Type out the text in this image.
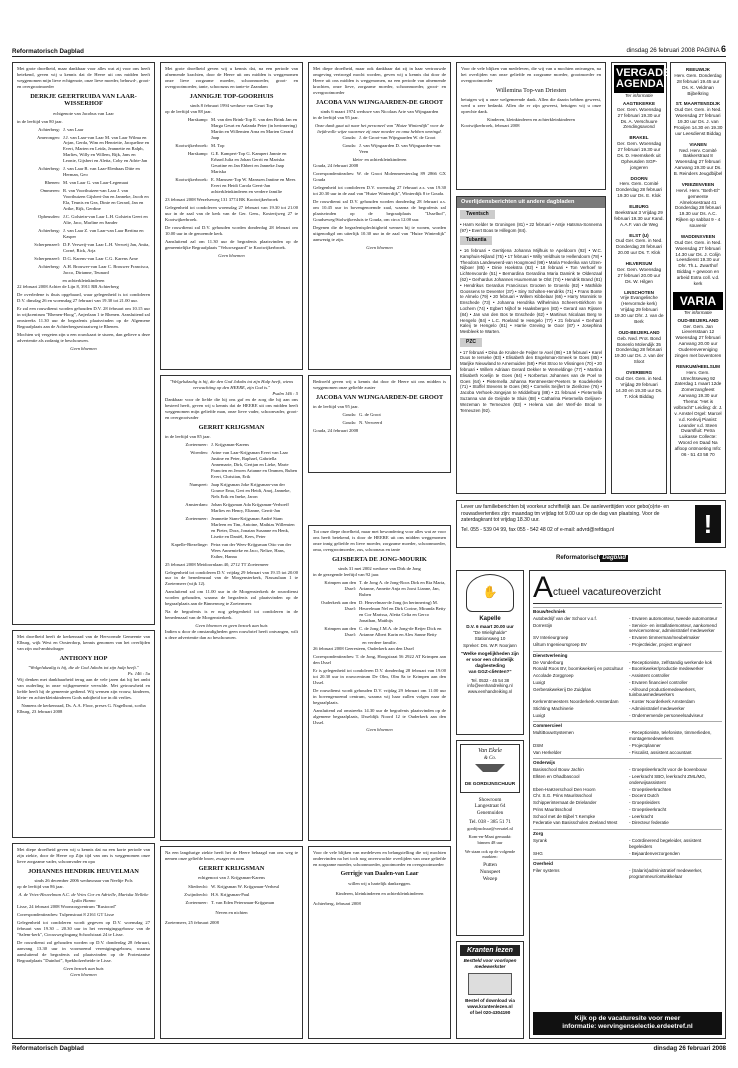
Reformatorisch Dagblad	dinsdag 26 februari 2008 PAGINA 6

Met grote droefheid, maar dankbaar voor alles wat zij voor ons heeft betekend, geven wij u kennis dat de Heere uit ons midden heeft weggenomen mijn lieve echtgenote, onze lieve moeder, behuwd-, groot- en overgrootmoeder

DERKJE GEERTRUIDA VAN LAAR-WISSERHOF
echtgenote van Jacobus van Laar

in de leeftijd van 80 jaar.

Achterberg: J. van Laar
Amerongen: J.J. van Laar-van Laar M. van Laar Wilma en Arjan, Gerda, Wim en Henriette, Jacqueline en Evert, Marten en Leida, Jeannette en Ralph, Marlies, Willy en Willem, Rijk, Jans en Leonie, Gijsbert en Aletta, Coby en Adrie-Jan
Achterberg: J. van Laar B. van Laar-Elenbaas Ditte en Herman, Geo
Rhenen: M. van Laar G. van Laar-Legemaat
Ommeren: R. van Voorthuizen-van Laar J. van Voorthuizen Gijsbert-Jan en Janneke, Jacob en Ela, Teunis en Gea, Dinie en Gerard, Jan en Arike, Rijk, Gerdine
Opheusden: J.C. Golstein-van Laar L.H. Golstein Geert en Alie, Jaco, Marline en Sander
Achterberg: J. van Laar Z. van Laar-van Laar Bertina en Kasper
Scherpenzeel: D.F. Verweij-van Laar L.H. Verweij Jan, Anita, Corné, Rick, Arja
Scherpenzeel: D.G. Karens-van Laar C.G. Karens Arne
Achterberg: A.H. Brouwer-van Laar C. Brouwer Francisca, Jacco, Dirianne, Teunard
en achterkleinkinderen

22 februari 2008 Achter de Lijn 8, 3911 RB Achterberg

De overledene is thuis opgebaard, waar gelegenheid is tot condoleren D.V. dinsdag 26 en woensdag 27 februari van 19.30 tot 21.00 uur.

Er zal een rouwdienst worden gehouden D.V. 28 februari om 10.15 uur in wijkcentrum "Rhenen-Hoog", Anjerlaan 1 te Rhenen. Aansluitend zal omstreeks 11.30 uur de begrafenis plaatsvinden op de Algemene Begraafplaats aan de Achterbergsestraatweg te Rhenen.

Mochten wij vergeten zijn u een rouwkaart te sturen, dan gelieve u deze advertentie als zodanig te beschouwen.

Geen bloemen

Met droefheid heeft de kerkenraad van de Hervormde Gemeente van Elburg, wijk West en Oosterdorp, kennis genomen van het overlijden van zijn oud-ambtsdrager

ANTHONY HOP
"Wolgelukzalig is hij, die de God Jakobs tot zijn hulp heeft."
Ps. 146 : 5a

Wij denken met dankbaarheid terug aan de vele jaren dat hij het ambt van ouderling in onze wijkgemeente vervulde. Met getrouwheid en liefde heeft hij de gemeente gediend. Wij wensen zijn vrouw, kinderen, klein- en achterkleinkinderen Gods nabijheid toe in dit verlies.

Namens de kerkenraad, Ds. A.A. Floor, preses G. Nagelhout, scriba

Elburg, 23 februari 2008

Met diepe droefheid geven wij u kennis dat na een korte periode van zijn ziekte, door de Heere op Zijn tijd van ons is weggenomen onze lieve zorgzame vader, schoonvader en opa

JOHANNES HENDRIK HEUVELMAN
sinds 26 december 2006 weduwnaar van Neeltje Pols

op de leeftijd van 86 jaar.

A. de Vries-Heuvelman A.C. de Vries Cor en Adrielle, Mariska Nelleke Lydia Hanno

Lisse, 24 februari 2008 Woonzorgcentrum "Rustoord"

Correspondentieadres: Tulpenstraat 8 2161 GT Lisse

Gelegenheid tot condoleren wordt gegeven op D.V. woensdag 27 februari van 19.30 – 20.30 uur in het verenigingsgebouw van de "Salem-kerk", Circusweg/ingang Schoolstraat 24 te Lisse.

De rouwdienst zal gehouden worden op D.V. donderdag 28 februari, aanvang 13.30 uur in voornoemd verenigingsgebouw, waarna aansluitend de begrafenis zal plaatsvinden op de Protestantse Begraafplaats "Duinhof", Spekholzerheide te Lisse.

Geen bezoek aan huis
Geen bloemen

Met grote droefheid geven wij u kennis dat, na een periode van afnemende krachten, door de Heere uit ons midden is weggenomen onze lieve zorgzame moeder, schoonmoeder, groot- en overgrootmoeder, tante, schoonzus en tante-te Zaandam

JANNIGJE TOP-GOORHUIS
sinds 8 februari 1994 weduwe van Geurt Top

op de leeftijd van 88 jaar.

Harskamp: M. van den Brink-Top E. van den Brink Jan en Marga Geurt en Aalanda Peter (in herinnering) Martin en Willemien Arna en Marien Gerard Jaap
Kootwijkerbroek: M. Top
Harskamp: G.E. Kampert-Top G. Kampert Jannie en Erhard Julia en Johan Gerrit en Mariska Geurtine en Jan Ebbert en Janneke Jaap Mariska
Kootwijkerbroek: E. Manssen-Top W. Manssen Jantine en Mees Evert en Heidi Carola Geert-Jan achterkleinkinderen en verdere familie

23 februari 2008 Wezelseweg 131 3774 BK Kootwijkerbroek

Gelegenheid tot condoleren woensdag 27 februari van 19.30 tot 21.00 uur in de zaal van de kerk van de Ger. Gem., Kosterijweg 27 te Kootwijkerbroek.

De rouwdienst zal D.V. gehouden worden donderdag 28 februari om 10.00 uur in de genoemde kerk.

Aansluitend zal om 11.30 uur de begrafenis plaatsvinden op de gemeentelijke Begraafplaats "Veluwsegaard" te Kootwijkerbroek.

Geen bloemen
"Welgelukzalig is hij, die den God Jakobs tot zijn Hulp heeft, wiens verwachting op den HEERE, zijn God is."
Psalm 146 : 5

Dankbaar voor de liefde die hij ons gaf en de zorg die hij aan ons besteed heeft, geven wij u kennis dat de HEERE uit ons midden heeft weggenomen mijn geliefde man, onze lieve vader, schoonvader, groot- en overgrootvader

GERRIT KRIJGSMAN

in de leeftijd van 85 jaar.

Zoetermeer: J. Krijgsman-Karens
Woerden: Arine van Laar-Krijgsman Evert van Laar Justine en Peter, Raphael, Gabriella Annemarie, Dirk, Gertjan en Lieke, Marie Francien en Jeroen Arianne en Ommen, Ruben Evert, Christian, Erik
Nunspeet: Jaap Krijgsman Joke Krijgsman-van der Gouwe Ema, Gert en Heidi, Anoj, Janneke, Nels Erik en Ineke, Jaron
Amsterdam: Johan Krijgsman Ada Krijgsman-Verhoeff Marlies en Henry, Elianne, Gerrit-Jan
Zoetermeer: Jeannette Stam-Krijgsman André Stam Marleen en Tim, Antoine, Mathias Willemien en Pieter, Dora, Jonatan Susanne en Henk, Lisette en Daniël, Kees, Peter
Kapelle-Biezelinge: Petra van der Wees-Krijgsman Otto van der Wees Annemieke en Jaco, Nelize, Hans, Esther, Hanna

25 februari 2008 Meidoornlaan 40, 2712 TT Zoetermeer

Gelegenheid tot condoleren D.V. vrijdag 29 februari van 19.15 tot 20.00 uur in de benedenzaal van de Morgensterkerk, Nassaulaan 1 te Zoetermeer (wijk 12).

Aansluitend zal om 11.00 uur in de Morgensterkerk de rouwdienst worden gehouden, waarna de begrafenis zal plaatsvinden op de begraafplaats aan de Binnenweg te Zoetermeer.

Na de begrafenis is er nog gelegenheid tot condoleren in de benedenzaal van de Morgensterkerk.

Geen bloemen en geen bezoek aan huis

Indien u door de omstandigheden geen rouwbrief heeft ontvangen, wilt u deze advertentie dan zo beschouwen.

Na een langdurige ziekte heeft het de Heere behaagd van ons weg te nemen onze geliefde broer, zwager en oom

GERRIT KRIJGSMAN
echtgenoot van J. Krijgsman-Karens
Sliedrecht: W. Krijgsman W. Krijgsman-Verheul
Zwijndrecht: H.S. Krijgsman-Paul
Zoetermeer: T. van Eden Petersman-Krijgsman
Neven en nichten

Zoetermeer, 25 februari 2008

Met diepe droefheid, maar ook dankbaar dat zij in haar vertrouwde omgeving vertroegd mocht worden, geven wij u kennis dat door de Heere uit ons midden is weggenomen, na een periode van afnemende krachten, onze lieve, zorgzame moeder, schoonmoeder, groot- en overgrootmoeder

JACOBA VAN WIJNGAARDEN-DE GROOT
sinds 6 maart 1974 weduwe van Nicolaas Arie van Wijngaarden

in de leeftijd van 95 jaar.

Onze dank gaat uit naar het personeel van "Huize Winterdijk" voor de liefdevolle wijze waarmee zij onze moeder en oma hebben omringd.
Gouda: J. de Groot-van Wijngaarden W. de Groot
Gouda: J. van Wijngaarden D. van Wijngaarden-van Veen
klein- en achterkleinkinderen

Gouda, 24 februari 2008

Correspondentieadres: W. de Groot Molenmeesterslag 89 2866 GX Gouda

Gelegenheid tot condoleren D.V. woensdag 27 februari a.s. van 19.30 tot 20.30 uur in de zaal van "Huize Winterdijk", Winterdijk 8 te Gouda.

De rouwdienst zal D.V. gehouden worden donderdag 28 februari a.s. om 10.45 uur in bovengenoemde zaal, waarna de begrafenis zal plaatsvinden op de begraafplaats "IJsselhof", Goudseweg/Stolwijkersluis te Gouda, om circa 12.00 uur.

Degenen die de begrafenisplechtigheid wensen bij te wonen, worden uitgenodigd om uiterlijk 10.30 uur in de zaal van "Huize Winterdijk" aanwezig te zijn.

Geen bloemen

Bedroefd geven wij u kennis dat door de Heere uit ons midden is weggenomen onze geliefde zuster

JACOBA VAN WIJNGAARDEN-DE GROOT

in de leeftijd van 95 jaar.

Gouda: G. de Groot
Gouda: N. Verweerd

Gouda, 24 februari 2008

Tot onze diepe droefheid, maar met bewondering voor alles wat ze voor ons heeft betekend, is door de HEERE uit ons midden weggenomen onze innig geliefde en lieve moeder, zorgzame moeder, schoonmoeder, oma, overgrootmoeder, zus, schoonzus en tante

GIJSBERTA DE JONG-MOURIK
sinds 31 mei 2002 weduwe van Dirk de Jong

in de gezegende leeftijd van 92 jaar.

Krimpen aan den IJssel:
T. de Jong A. de Jong-Roos Dirk en Ria Marta, Arianne, Annette Anja en Joost Lianne, Jan, Ruben
Ouderkerk aan den IJssel:
D. Heuvelman-de Jong (in herinnering) M. Heuvelman Nel en Dirk Corine, Miranda Betty en Cor Marissa, Aletta Celia en Gerco Jonathan, Matthijs
Krimpen aan den IJssel:
C. de Jong J.M.A. de Jong-de Reijer Dick en Arianne Albert Karin en Alex Sanne Betty
en verdere familie.

26 februari 2008 Geeresteen, Ouderkerk aan den IJssel

Correspondentieadres: T. de Jong, Hoogstraat 56 2922 AT Krimpen aan den IJssel

Er is gelegenheid tot condoleren D.V. donderdag 28 februari van 19.00 tot 20.30 uur in rouwcentrum De Olm, Olm 8a te Krimpen aan den IJssel.

De rouwdienst wordt gehouden D.V. vrijdag 29 februari om 11.00 uur in bovengenoemd centrum, waarna wij haar zullen volgen naar de begraafplaats.

Aansluitend zal omstreeks 14.30 uur de begrafenis plaatsvinden op de algemene begraafplaats, IJsseldijk Noord 12 te Ouderkerk aan den IJssel.

Geen bloemen

Voor de vele blijken van medeleven en belangstelling die wij mochten ondervinden na het toch nog onverwachte overlijden van onze geliefde en zorgzame moeder, schoonmoeder, grootmoeder en overgrootmoeder

Gerrigje van Daalen-van Laar
willen wij u hartelijk dankzeggen.
Kinderen, kleinkinderen en achterkleinkinderen

Achterberg, februari 2008

Voor de vele blijken van medeleven, die wij van u mochten ontvangen, na het overlijden van onze geliefde en zorgzame moeder, grootmoeder en overgrootmoeder

Willemina Top-van Driesten

betuigen wij u onze welgemeende dank. Allen die daarin hebben geweest, werd u zeer bedankt. Allen die er zijn geweest, betuigen wij u onze oprechte dank.

Kinderen, kleinkinderen en achterkleinkinderen

Kootwijkerbroek, februari 2008

Overlijdensberichten uit andere dagbladen
Twentsch
• Harm Kelder te Groningen (81) • 22 februari • Antje Hatsma-Sonnema (97) • Evert Boas te Hillegom (84).
Tubantia
• 16 februari • Gerritjena Johanna Mijlhuis te Apeldoorn (92) • W.C. Kamphuis-Nijland (75) • 17 februari • Willy Veldhuis te Hellendoorn (78) • Theodora Landeweerd-van Hoogmoed (98) • Maria Frederika van Ulzen-Nijboer (85) • Dinie Hoekstra (82) • 18 februari • Ton Verhoef te Lichtenvoorde (51) • Bernardina Gerardina Maria Damink te Oldenzaal (62) • Gerhardus Johannes Huurneman te Olst (74) • Hendrik Brand (81) • Hendrikus Gerardus Franciscus Grooten te Groenlo (82) • Mathilde Goossens te Deventer (37) • Siny Scholten-Hendriks (71) • Frans Bonte te Almelo (79) • 20 februari • Willem Kibbelaar (66) • Harry Monnink te Enschede (73) • Johanna Hendrika Wilhelmina Scheers-Birkhorn te Lochem (74) • Egbert Nijhof te Haaksbergen (83) • Gerard van Rijssen (84) • Jan van den Bos te Enschede (62) • Martinus Nicolaas Berg te Hengelo (84) • L.C. Roeland te Hengelo (77) • 21 februari • Gerhard Kaleij te Hengelo (81) • Harrie Greving te Goor (87) • Josephina Mesbleek te Warten.
PZC
• 17 februari • Dina de Kruiter-de Feijter te Axel (86) • 19 februari • Karel Duus te Ierseke (83) • Elisabeth den Engelsman-Smeek te Goes (85) • Marijke Nieuwland te Arnemuiden (58) • Piet Stroo te Vlissingen (70) • 20 februari • Willem Adriaan Gerard Dekker te Wemeldinge (77) • Martina Elisabeth Koelijn te Goes (84) • Norbertus Johannes van de Poel te Goes (64) • Pieternella Johanna Rentmeester-Peeters te Koudekerke (71) • Stoffel Stevens te Goes (90) • Cornelis Seijfert te Zierikzee (76) • Jacoba Verhoek-Jongejan te Middelburg (88) • 21 februari • Pieternella Suzanna van de Geijnde te Sluis (88) • Catharina Pieternella Gelijsen-Wezeman te Terneuzen (83) • Helena van der Werf-de Broal te Terneuzen (92).
VERGADER-
AGENDA
Ter informatie
AAGTEKERKE
Ger. Gem. Woensdag 27 februari 19.30 uur Ds. A. Verschuure Zendingsavond
BRAKEL
Ger. Gem. Woensdag 27 februari 19.30 uur Ds. D. Heemskerk uit Opheusden SGP-jongeren
DOORN
Herv. Gem. Comité Donderdag 28 februari 19.30 uur Ds. E. Klok
ELBURG
Beekstraat 3 Vrijdag 29 februari 19.30 uur Kand. A.A.F. van de Weg
ELST (U)
Oud Ger. Gem. in Ned. Donderdag 28 februari 20.00 uur Ds. T. Klok
HILVERSUM
Ger. Gem. Woensdag 27 februari 20.00 uur Ds. W. Hilgen
LINSCHOTEN
Vrije Evangelische (Hervormde kerk) Vrijdag 29 februari 19.30 uur Dhr. J. van de Berk
OUD-BEIJERLAND
Geb. Ned. Prot. Bond Bonenlo Molendijk 35 Donderdag 28 februari 19.30 uur Ds. J. van der Sloot
OVERBERG
Oud Ger. Gem. in Ned. Vrijdag 29 februari 14.30 en 19.30 uur Ds. T. Klok Biddag
REEUWIJK
Herv. Gem. Donderdag 28 februari 19.45 uur Ds. K. Veldman Bijbelkring
ST. MAARTENSDIJK
Oud Ger. Gem. in Ned. Woensdag 27 februari 19.30 uur Ds. J. van Prooijen 14.30 en 19.30 uur Leesdienst Biddag
VIANEN
Ned. Herv. Comité Bakkerstraat 8 Woensdag 27 februari Aanvang 19.30 uur Ds. B. Reinders Jeugdbijbel
VRIEZENVEEN
Hervl. Herv. "Beth-El" gemeente Almelosestraat 41 Donderdag 28 februari 19.30 uur Ds. A.C. Rijken op sabbat 9 - 4 souvenir
WADDINXVEEN
Oud Ger. Gem. in Ned. Woensdag 27 februari 14.30 uur Ds. J. Colijn Leesdienst 19.30 uur Dhr. Th.L. Zwarthof Biddag + gewoon en arbeid Extra coll. v.d. kerk
VARIA
Ter informatie
OUD-BEIJERLAND
Ger. Gem. Jan Lieversstaan 12 Woensdag 27 februari Aanvang 20.00 uur Ouderenvereniging zingen met boventoren
RENKUM/HEELSUM
Herv. Gem. Utrechtseweg 92 Zaterdag 1 maart 12de Zomerzangfeest Aanvang 19.30 uur Thema: "Het is volbracht" Leiding: dr. J. v. Amstel Orgel: Marcel v.d. Kerkvij Pianist: Leander v.d. Steen Dwarsfluit: Petra Luikasse Collecte: Woord en Daad Na afloop ontmoeting Info: 06 - 51 43 58 70

Lever uw familieberichten bij voorkeur schriftelijk aan. De aanleverttijden voor gebo(o)rte- en rouwadvertenties zijn: maandag tm vrijdag tot 9.00 uur op de dag van plaatsing. Voor de zaterdagkrant tot vrijdag 18.30 uur.

Tel. 055 - 539 04 99, fax 055 - 542 48 02 of e-mail: advrd@refdag.nl	!
Reformatorisch Dagblad
✋
Kapelle
D.V. 6 maart 20.00 uur
"De Wielighalde"
Stationsweg 10
Spreker: Drs. W.P. Noorjann
"Welke mogelijkheden zijn er voor een christelijk dagbesteding
van GGZ-cliënten?"
Tel. 0532 - 45 54 38
info@eenhandreiking.nl
www.eenhandreiking.nl
Van Ekele
& Co.
DE GORDIJNSCHUUR
Showroom
Langestraat 64
Genemuiden
Tel. 038 - 385 51 71
gordijnschuur@versatel.nl
Kom-en-Maat gemaakt:
binnen 48 uur
We staan ook op de volgende markten:
Putten
Nunspeet
Wezep
Kranten lezen
Bestteld voor voorlopen
medewerkster
Bestel of download via
www.krantenlezen.nl
of bel 020-4304190
A ctueel vacatureoverzicht
Bouw/techniek
Autobedrijf van der Schoor v.o.f.	- Ervaren automonteur, tweede automonteur
Dorrestijn	- Service- en installatiemonteur, aankomend servicemonteur, administratief medewerker
SV Interieurgroep	- Ervaren timmerman/meubelmaker
Uiltum Ingenieursgroep BV	- Projectleider, project engineer
Dienstverlening
De Vonderburg	- Receptioniste, zelfstandig werkende kok
Ronald Roos BV, boomkwekerij en potcultuur	- Boomkweker/productie medewerker
Accolade Zorggroep	- Assistent controller
Luxigt	- Ervaren financieel controller
Gerberakwekerij De Zuidplas	- Allround productiemedewerkers, tuinbouwmedewerkers
Kerkrentmeesters Noorderkerk Amsterdam	- Koster Noorderkerk Amsterdam
Stichting Machinerie	- Administratief medewerker
Luxigt	- Ondernemende personeelsadviseur
Commercieel
MultiBouwSystemen	- Receptioniste, telefoniste, timmerlieden, montagemedewerkers
DSM	- Projectplanner
Van Herkelder	- Fiscalist, assistent accountant
Onderwijs
Basisschool Bouw Jachin	- Groepsleerkracht voor de bovenbouw
Elkten en Ohadbascool	- Leerkracht SBO, leerkracht ZML/MG, onderwijsassistent
Eben-Haëzerschool Den Hoorn	- Groepsleerkrachten
Chr. S.G. Prins Mauritsschool	- Docent Dutch
Schipperinternaat de Drielander	- Groepsleiders
Prins Mauritsschool	- Groepsleerkracht
School met de Bijbel 't Kempke	- Leerkracht
Federatie van Basisscholen Zeeland West	- Directeur federatie
Zorg
Syrank	- Coördinerend begeleider, assistent begeleiders
SHG	- Bejaardenverzorgenden
Overheid
Filer systems	- (Salaris)administratief medewerker, programmeur/ontwikkelaar
Kijk op de vacaturesite voor meer
informatie: wervingenselectie.erdeetref.nl
Reformatorisch Dagblad	dinsdag 26 februari 2008
